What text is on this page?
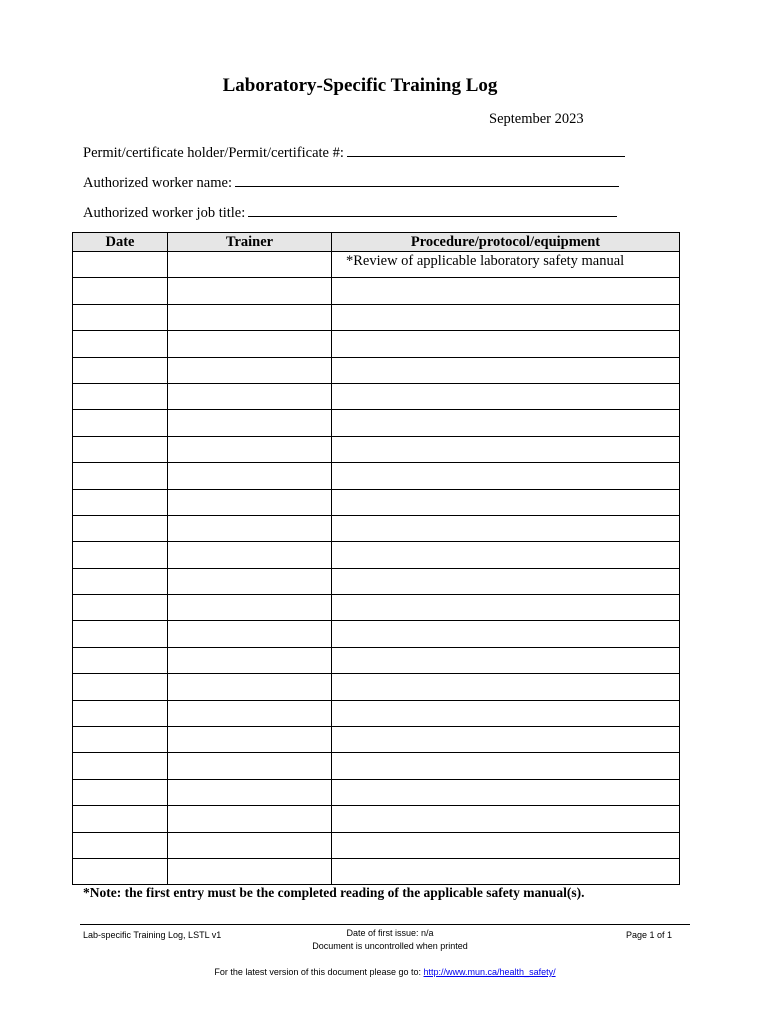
Laboratory-Specific Training Log
September 2023
Permit/certificate holder/Permit/certificate #:
Authorized worker name:
Authorized worker job title:
Date	Trainer	Procedure/protocol/equipment
		*Review of applicable laboratory safety manual

*Note: the first entry must be the completed reading of the applicable safety manual(s).
Lab-specific Training Log, LSTL v1	Date of first issue: n/a
Document is uncontrolled when printed
Page 1 of 1
For the latest version of this document please go to: http://www.mun.ca/health_safety/
